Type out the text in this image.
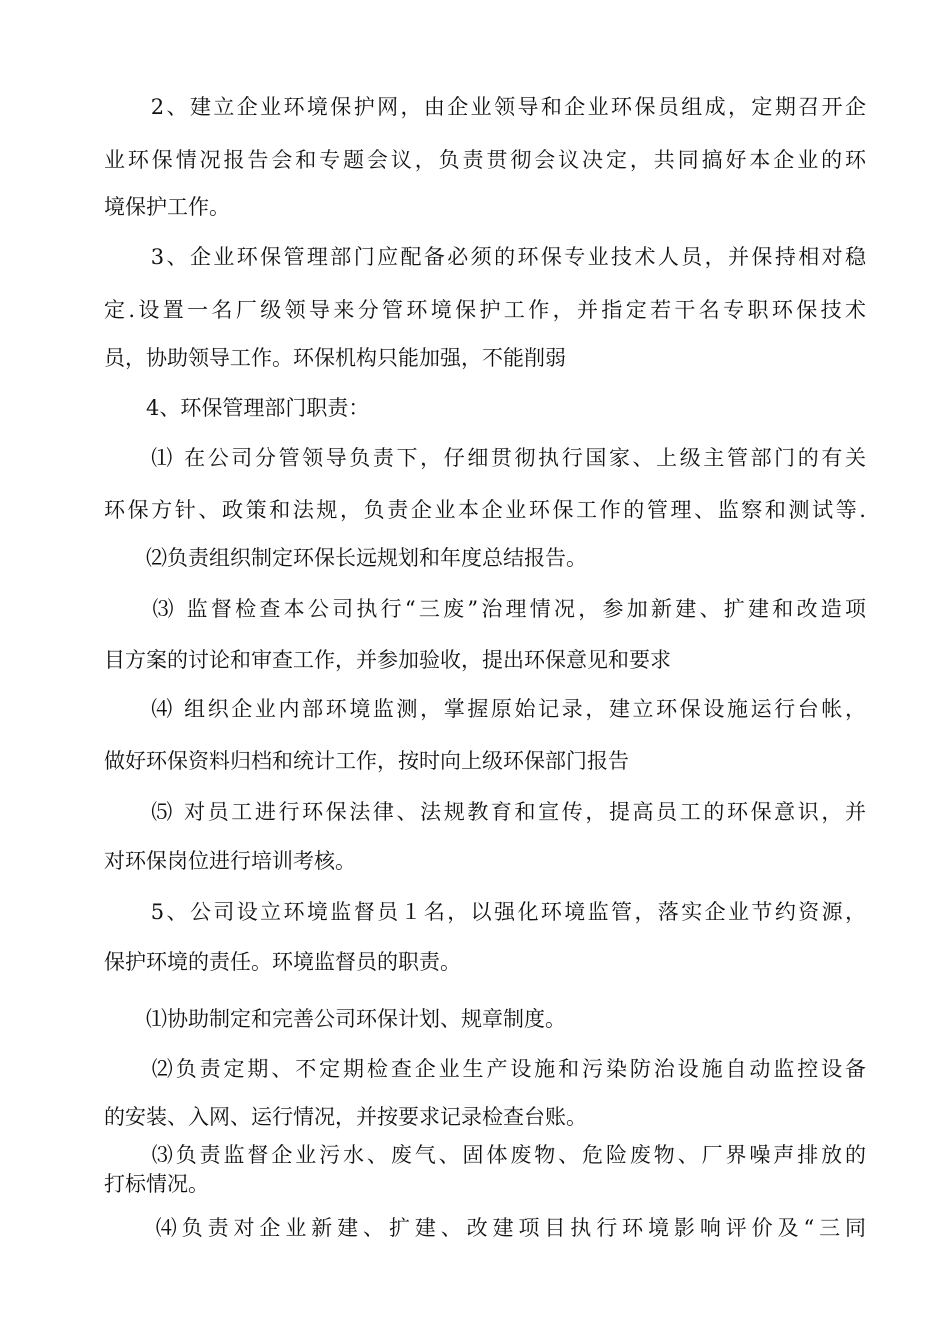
　　2、建立企业环境保护网，由企业领导和企业环保员组成，定期召开企
业环保情况报告会和专题会议，负责贯彻会议决定，共同搞好本企业的环
境保护工作。
　　3、企业环保管理部门应配备必须的环保专业技术人员，并保持相对稳
定.设置一名厂级领导来分管环境保护工作，并指定若干名专职环保技术
员，协助领导工作。环保机构只能加强，不能削弱
　　4、环保管理部门职责：
　　⑴ 在公司分管领导负责下，仔细贯彻执行国家、上级主管部门的有关
环保方针、政策和法规，负责企业本企业环保工作的管理、监察和测试等.
　　⑵负责组织制定环保长远规划和年度总结报告。
　　⑶ 监督检查本公司执行“三废”治理情况，参加新建、扩建和改造项
目方案的讨论和审查工作，并参加验收，提出环保意见和要求
　　⑷ 组织企业内部环境监测，掌握原始记录，建立环保设施运行台帐，
做好环保资料归档和统计工作，按时向上级环保部门报告
　　⑸ 对员工进行环保法律、法规教育和宣传，提高员工的环保意识，并
对环保岗位进行培训考核。
　　5、公司设立环境监督员１名，以强化环境监管，落实企业节约资源，
保护环境的责任。环境监督员的职责。
　　⑴协助制定和完善公司环保计划、规章制度。
　　⑵负责定期、不定期检查企业生产设施和污染防治设施自动监控设备
的安装、入网、运行情况，并按要求记录检查台账。
　　⑶负责监督企业污水、废气、固体废物、危险废物、厂界噪声排放的
打标情况。
　　⑷负责对企业新建、扩建、改建项目执行环境影响评价及“三同
